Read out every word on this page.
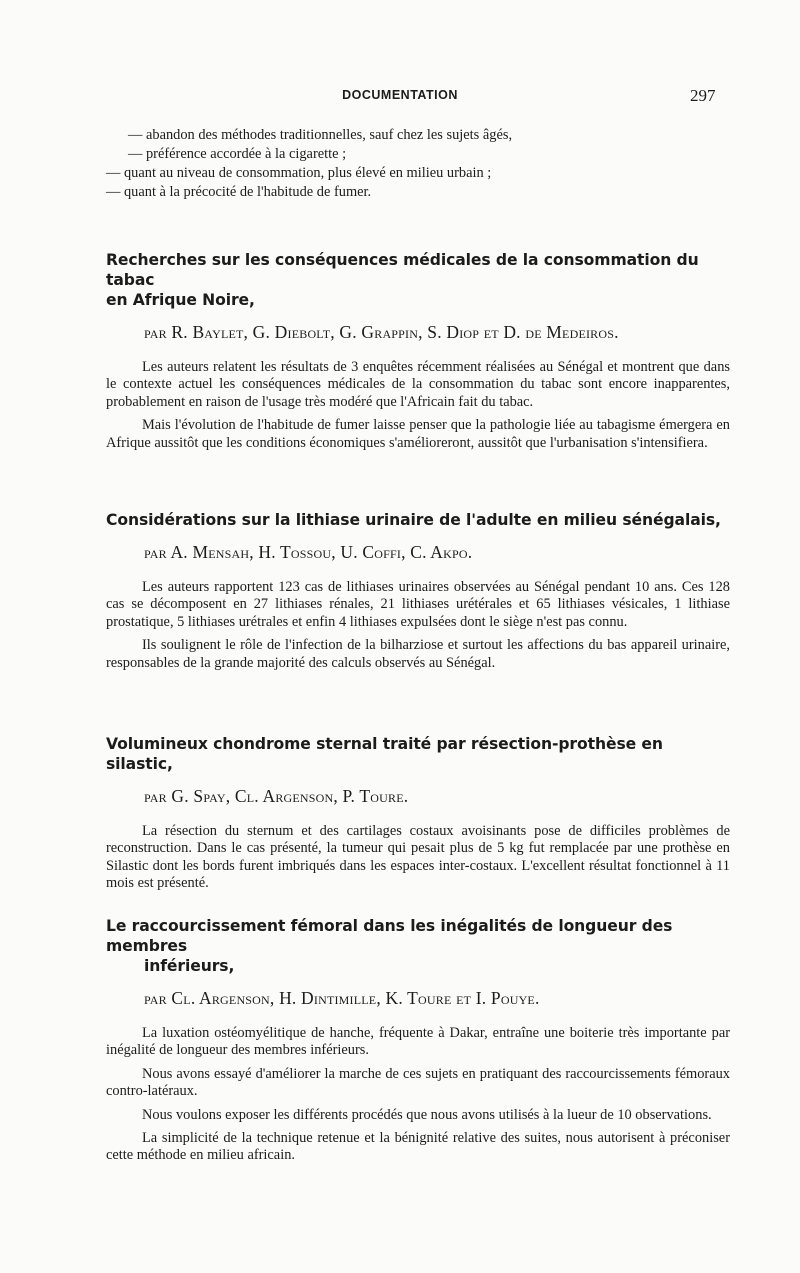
DOCUMENTATION	297
— abandon des méthodes traditionnelles, sauf chez les sujets âgés,
— préférence accordée à la cigarette ;
— quant au niveau de consommation, plus élevé en milieu urbain ;
— quant à la précocité de l'habitude de fumer.
Recherches sur les conséquences médicales de la consommation du tabac
en Afrique Noire,
par R. Baylet, G. Diebolt, G. Grappin, S. Diop et D. de Medeiros.

Les auteurs relatent les résultats de 3 enquêtes récemment réalisées au Sénégal et montrent que dans le contexte actuel les conséquences médicales de la consommation du tabac sont encore inapparentes, probablement en raison de l'usage très modéré que l'Africain fait du tabac.

Mais l'évolution de l'habitude de fumer laisse penser que la pathologie liée au tabagisme émergera en Afrique aussitôt que les conditions économiques s'amélioreront, aussitôt que l'urbanisation s'intensifiera.

Considérations sur la lithiase urinaire de l'adulte en milieu sénégalais,
par A. Mensah, H. Tossou, U. Coffi, C. Akpo.

Les auteurs rapportent 123 cas de lithiases urinaires observées au Sénégal pendant 10 ans. Ces 128 cas se décomposent en 27 lithiases rénales, 21 lithiases urétérales et 65 lithiases vésicales, 1 lithiase prostatique, 5 lithiases urétrales et enfin 4 lithiases expulsées dont le siège n'est pas connu.

Ils soulignent le rôle de l'infection de la bilharziose et surtout les affections du bas appareil urinaire, responsables de la grande majorité des calculs observés au Sénégal.

Volumineux chondrome sternal traité par résection-prothèse en silastic,
par G. Spay, Cl. Argenson, P. Toure.

La résection du sternum et des cartilages costaux avoisinants pose de difficiles problèmes de reconstruction. Dans le cas présenté, la tumeur qui pesait plus de 5 kg fut remplacée par une prothèse en Silastic dont les bords furent imbriqués dans les espaces inter-costaux. L'excellent résultat fonctionnel à 11 mois est présenté.

Le raccourcissement fémoral dans les inégalités de longueur des membres
inférieurs,
par Cl. Argenson, H. Dintimille, K. Toure et I. Pouye.

La luxation ostéomyélitique de hanche, fréquente à Dakar, entraîne une boiterie très importante par inégalité de longueur des membres inférieurs.

Nous avons essayé d'améliorer la marche de ces sujets en pratiquant des raccourcissements fémoraux contro-latéraux.

Nous voulons exposer les différents procédés que nous avons utilisés à la lueur de 10 observations.

La simplicité de la technique retenue et la bénignité relative des suites, nous autorisent à préconiser cette méthode en milieu africain.
